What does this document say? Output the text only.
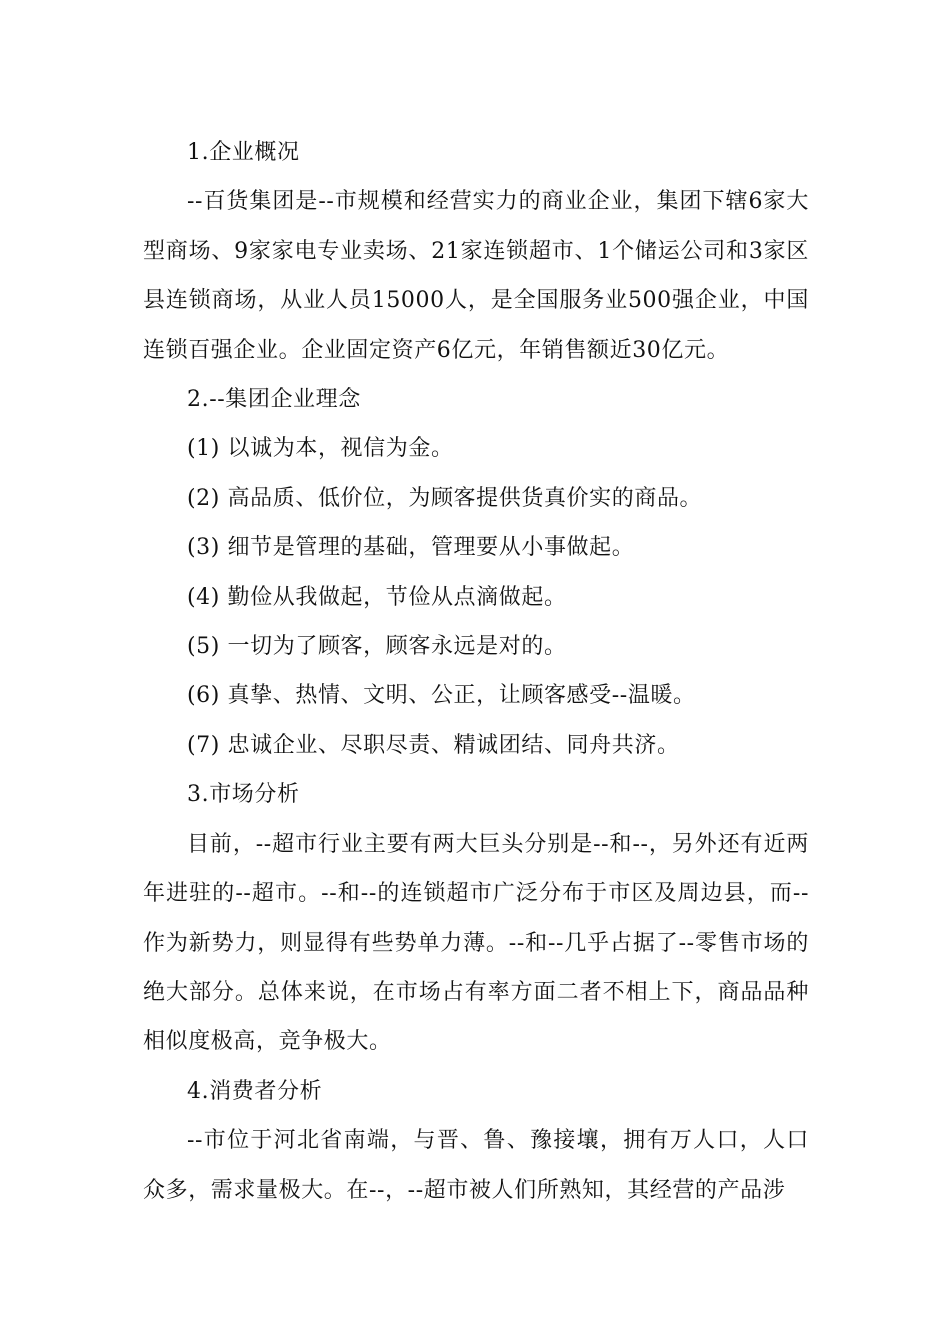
1.企业概况

--百货集团是--市规模和经营实力的商业企业，集团下辖6家大型商场、9家家电专业卖场、21家连锁超市、1个储运公司和3家区县连锁商场，从业人员15000人，是全国服务业500强企业，中国连锁百强企业。企业固定资产6亿元，年销售额近30亿元。

2.--集团企业理念

(1) 以诚为本，视信为金。

(2) 高品质、低价位，为顾客提供货真价实的商品。

(3) 细节是管理的基础，管理要从小事做起。

(4) 勤俭从我做起，节俭从点滴做起。

(5) 一切为了顾客，顾客永远是对的。

(6) 真挚、热情、文明、公正，让顾客感受--温暖。

(7) 忠诚企业、尽职尽责、精诚团结、同舟共济。

3.市场分析

目前，--超市行业主要有两大巨头分别是--和--，另外还有近两年进驻的--超市。--和--的连锁超市广泛分布于市区及周边县，而--作为新势力，则显得有些势单力薄。--和--几乎占据了--零售市场的绝大部分。总体来说，在市场占有率方面二者不相上下，商品品种相似度极高，竞争极大。

4.消费者分析

--市位于河北省南端，与晋、鲁、豫接壤，拥有万人口，人口众多，需求量极大。在--，--超市被人们所熟知，其经营的产品涉
